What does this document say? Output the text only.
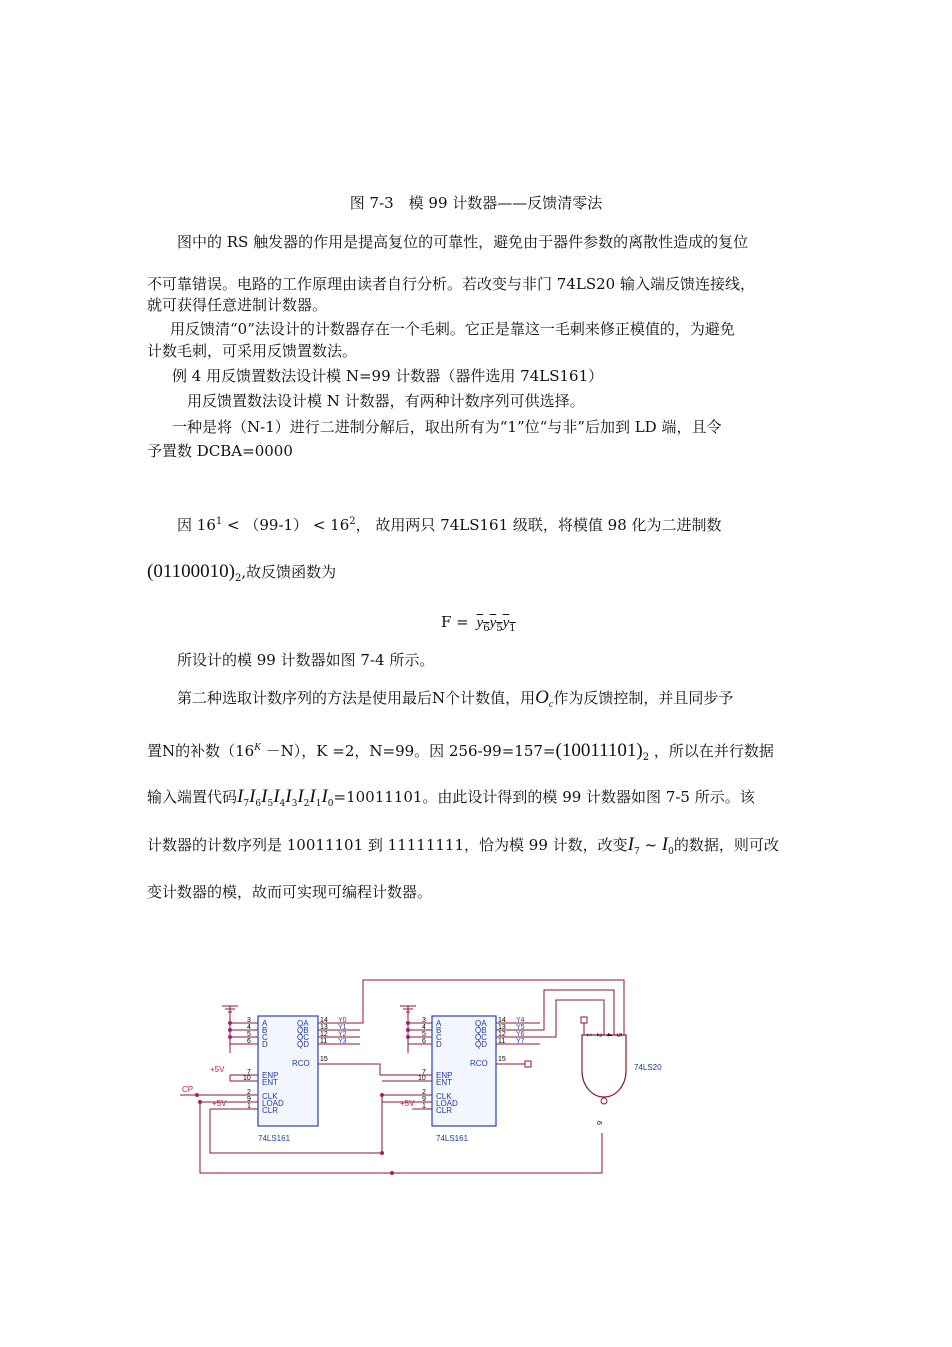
图 7-3　模 99 计数器——反馈清零法
图中的 RS 触发器的作用是提高复位的可靠性，避免由于器件参数的离散性造成的复位
不可靠错误。电路的工作原理由读者自行分析。若改变与非门 74LS20 输入端反馈连接线，
就可获得任意进制计数器。
用反馈清“0”法设计的计数器存在一个毛刺。它正是靠这一毛刺来修正模值的，为避免
计数毛刺，可采用反馈置数法。
例 4 用反馈置数法设计模 N=99 计数器（器件选用 74LS161）
用反馈置数法设计模 N 计数器，有两种计数序列可供选择。
一种是将（N-1）进行二进制分解后，取出所有为“1”位“与非”后加到 LD 端，且令
予置数 DCBA=0000
因 $16^1 < (99-1) < 16^2$， 故用两只 74LS161 级联，将模值 98 化为二进制数
$(01100010)_2$,故反馈函数为
$F = y_6y_5y_1$
所设计的模 99 计数器如图 7-4 所示。
第二种选取计数序列的方法是使用最后N个计数值，用$O_c$作为反馈控制，并且同步予
置N的补数$(16^K -N)$，K =2，N=99。因 $256-99=157=(10011101)_2$ ，所以在并行数据
输入端置代码$I_7I_6I_5I_4I_3I_2I_1I_0=10011101$。由此设计得到的模 99 计数器如图 7-5 所示。该
计数器的计数序列是 10011101 到 11111111，恰为模 99 计数，改变$I_7$ ~ $I_0$的数据，则可改
变计数器的模，故而可实现可编程计数器。
A
B
C
D
ENP
ENT
CLK
LOAD
CLR
QA
QB
QC
QD
RCO
3
4
5
6
7
10
2
9
1
14
13
12
11
15
Y0
Y1
Y2
Y3
74LS161
A
B
C
D
ENP
ENT
CLK
LOAD
CLR
QA
QB
QC
QD
RCO
3
4
5
6
7
10
2
9
1
14
13
12
11
15
Y4
Y5
Y6
Y7
74LS161
1 2 4 5
6
74LS20
+5V
+5V	+5V
CP
